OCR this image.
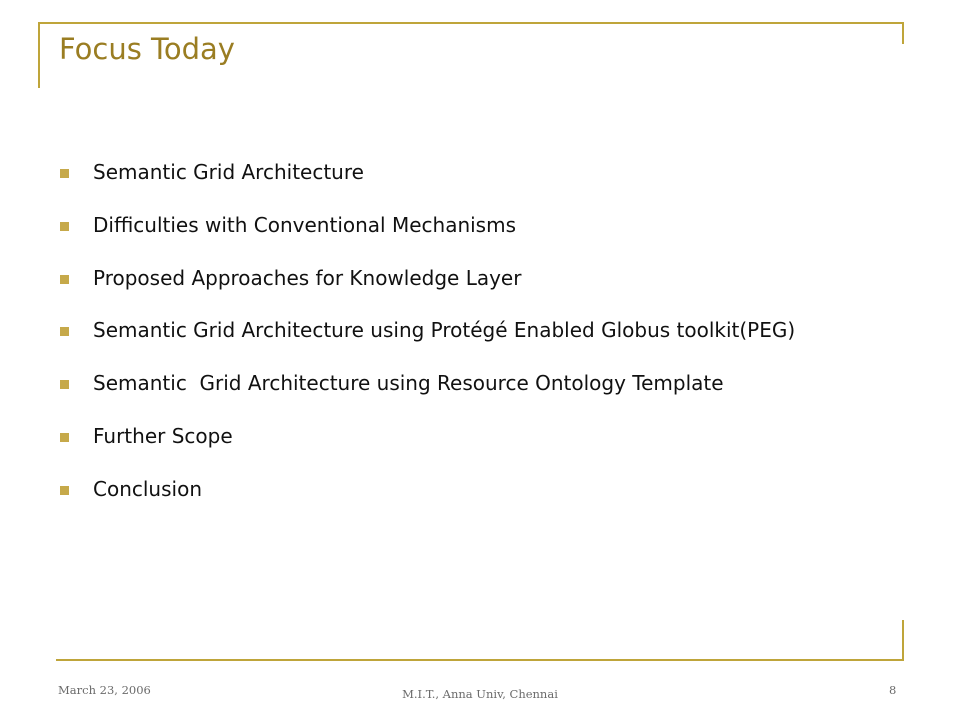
Focus Today
Semantic Grid Architecture
Difficulties with Conventional Mechanisms
Proposed Approaches for Knowledge Layer
Semantic Grid Architecture using Protégé Enabled Globus toolkit(PEG)
Semantic  Grid Architecture using Resource Ontology Template
Further Scope
Conclusion
March 23, 2006	M.I.T., Anna Univ, Chennai	8
